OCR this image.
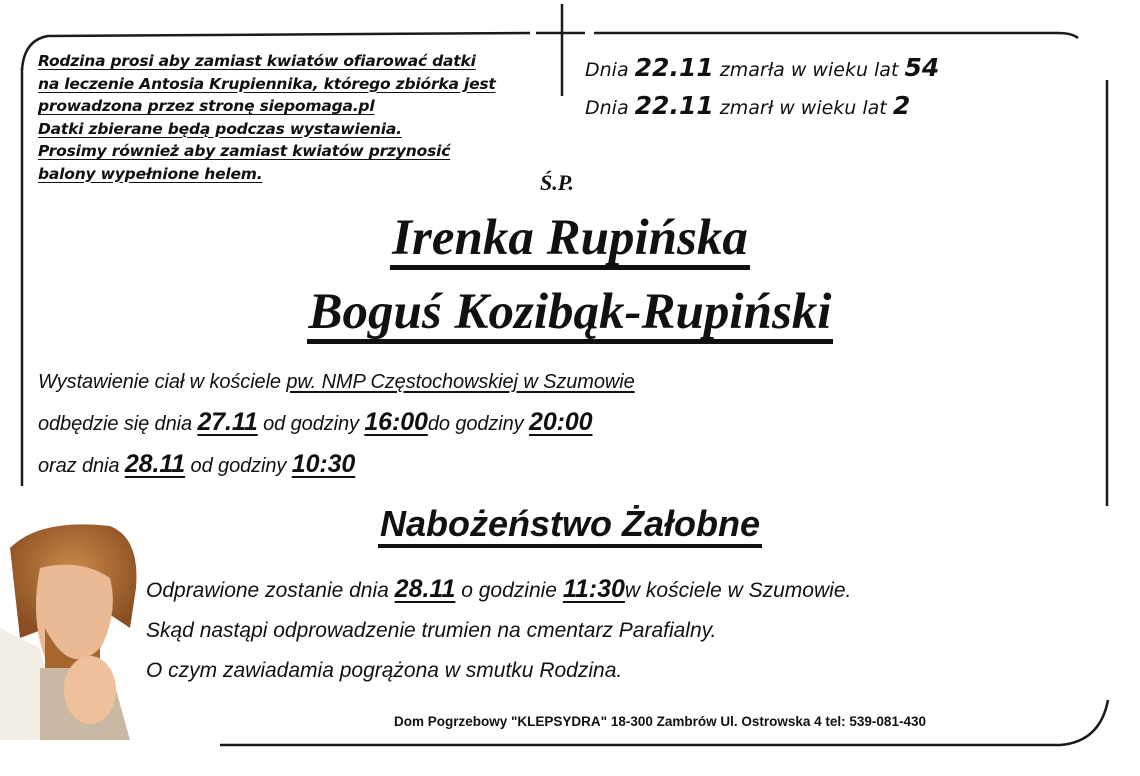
Rodzina prosi aby zamiast kwiatów ofiarować datki
na leczenie Antosia Krupiennika, którego zbiórka jest
prowadzona przez stronę siepomaga.pl
Datki zbierane będą podczas wystawienia.
Prosimy również aby zamiast kwiatów przynosić
balony wypełnione helem.
Dnia 22.11 zmarła w wieku lat 54
Dnia 22.11 zmarł w wieku lat 2
Ś.P.
Irenka Rupińska
Boguś Kozibąk-Rupiński
Wystawienie ciał w kościele pw. NMP Częstochowskiej w Szumowie
odbędzie się dnia 27.11 od godziny 16:00do godziny 20:00
oraz dnia 28.11 od godziny 10:30
Nabożeństwo Żałobne
Odprawione zostanie dnia 28.11 o godzinie 11:30w kościele w Szumowie.
Skąd nastąpi odprowadzenie trumien na cmentarz Parafialny.
O czym zawiadamia pogrążona w smutku Rodzina.
Dom Pogrzebowy "KLEPSYDRA" 18-300 Zambrów Ul. Ostrowska 4 tel: 539-081-430
